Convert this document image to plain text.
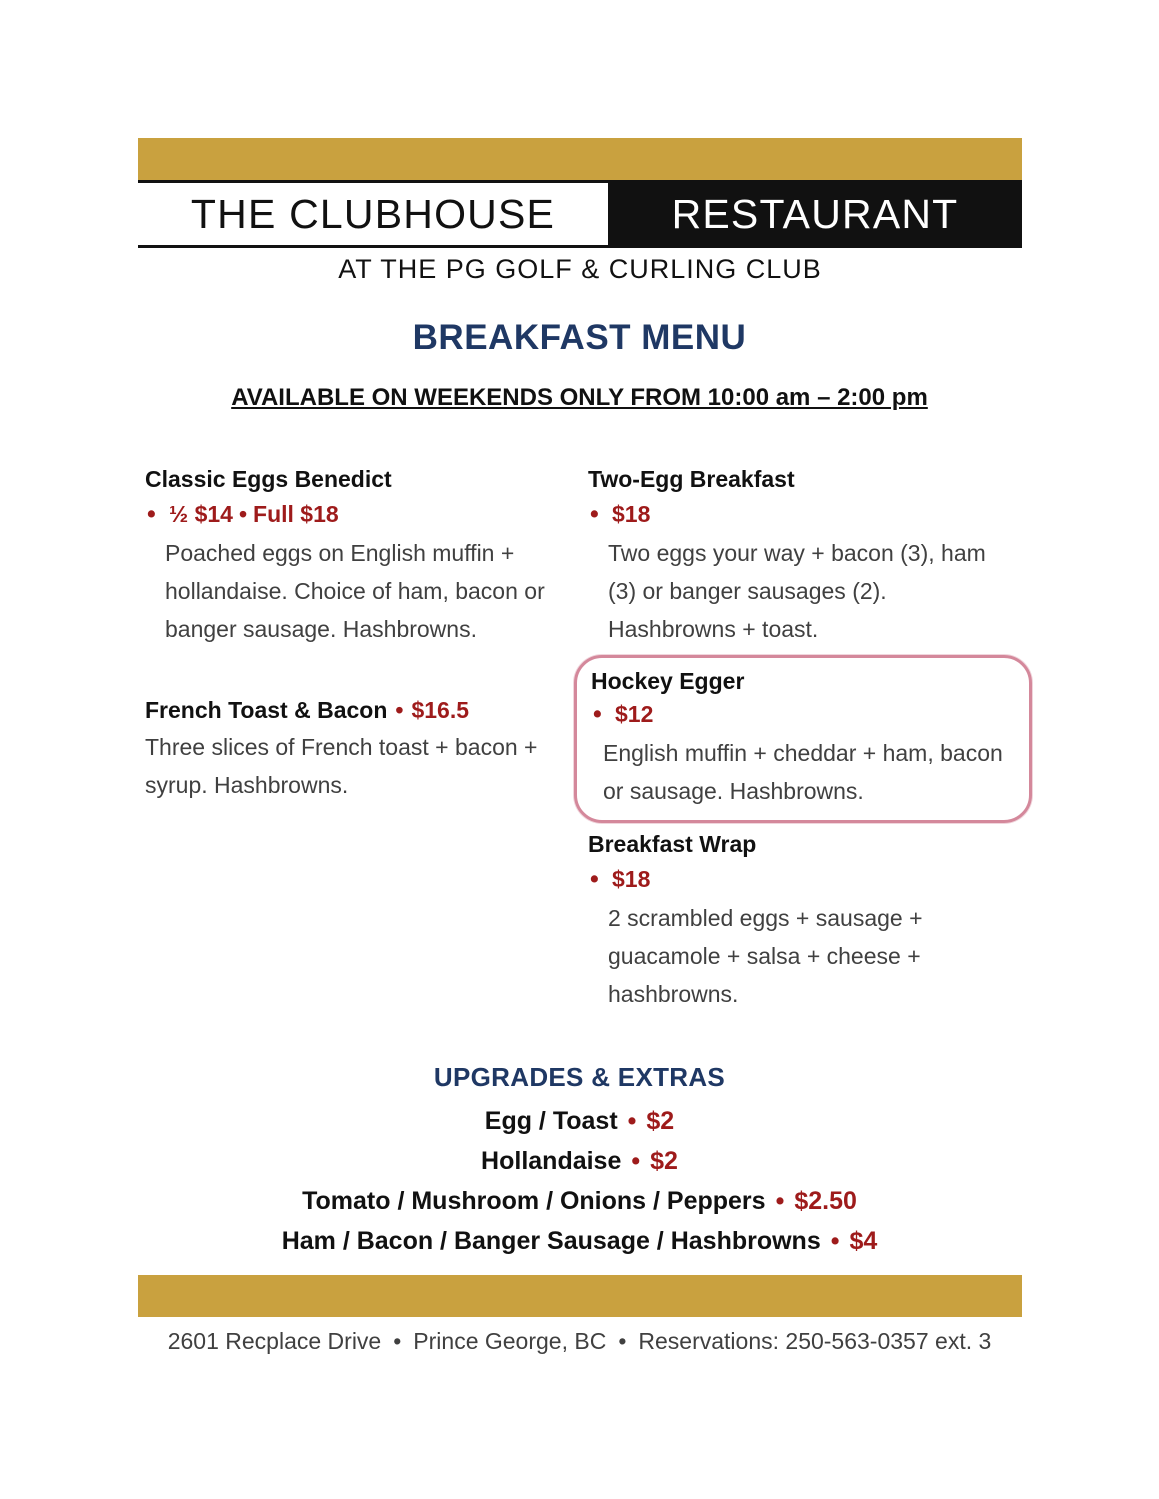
THE CLUBHOUSE	RESTAURANT
AT THE PG GOLF & CURLING CLUB
BREAKFAST MENU
AVAILABLE ON WEEKENDS ONLY FROM 10:00 am – 2:00 pm
Classic Eggs Benedict
• ½ $14 • Full $18
Poached eggs on English muffin + hollandaise. Choice of ham, bacon or banger sausage. Hashbrowns.
French Toast & Bacon • $16.5
Three slices of French toast + bacon + syrup. Hashbrowns.
Two-Egg Breakfast
• $18
Two eggs your way + bacon (3), ham (3) or banger sausages (2). Hashbrowns + toast.
Hockey Egger
• $12
English muffin + cheddar + ham, bacon or sausage. Hashbrowns.
Breakfast Wrap
• $18
2 scrambled eggs + sausage + guacamole + salsa + cheese + hashbrowns.
UPGRADES & EXTRAS
Egg / Toast • $2
Hollandaise • $2
Tomato / Mushroom / Onions / Peppers • $2.50
Ham / Bacon / Banger Sausage / Hashbrowns • $4
2601 Recplace Drive • Prince George, BC • Reservations: 250-563-0357 ext. 3
